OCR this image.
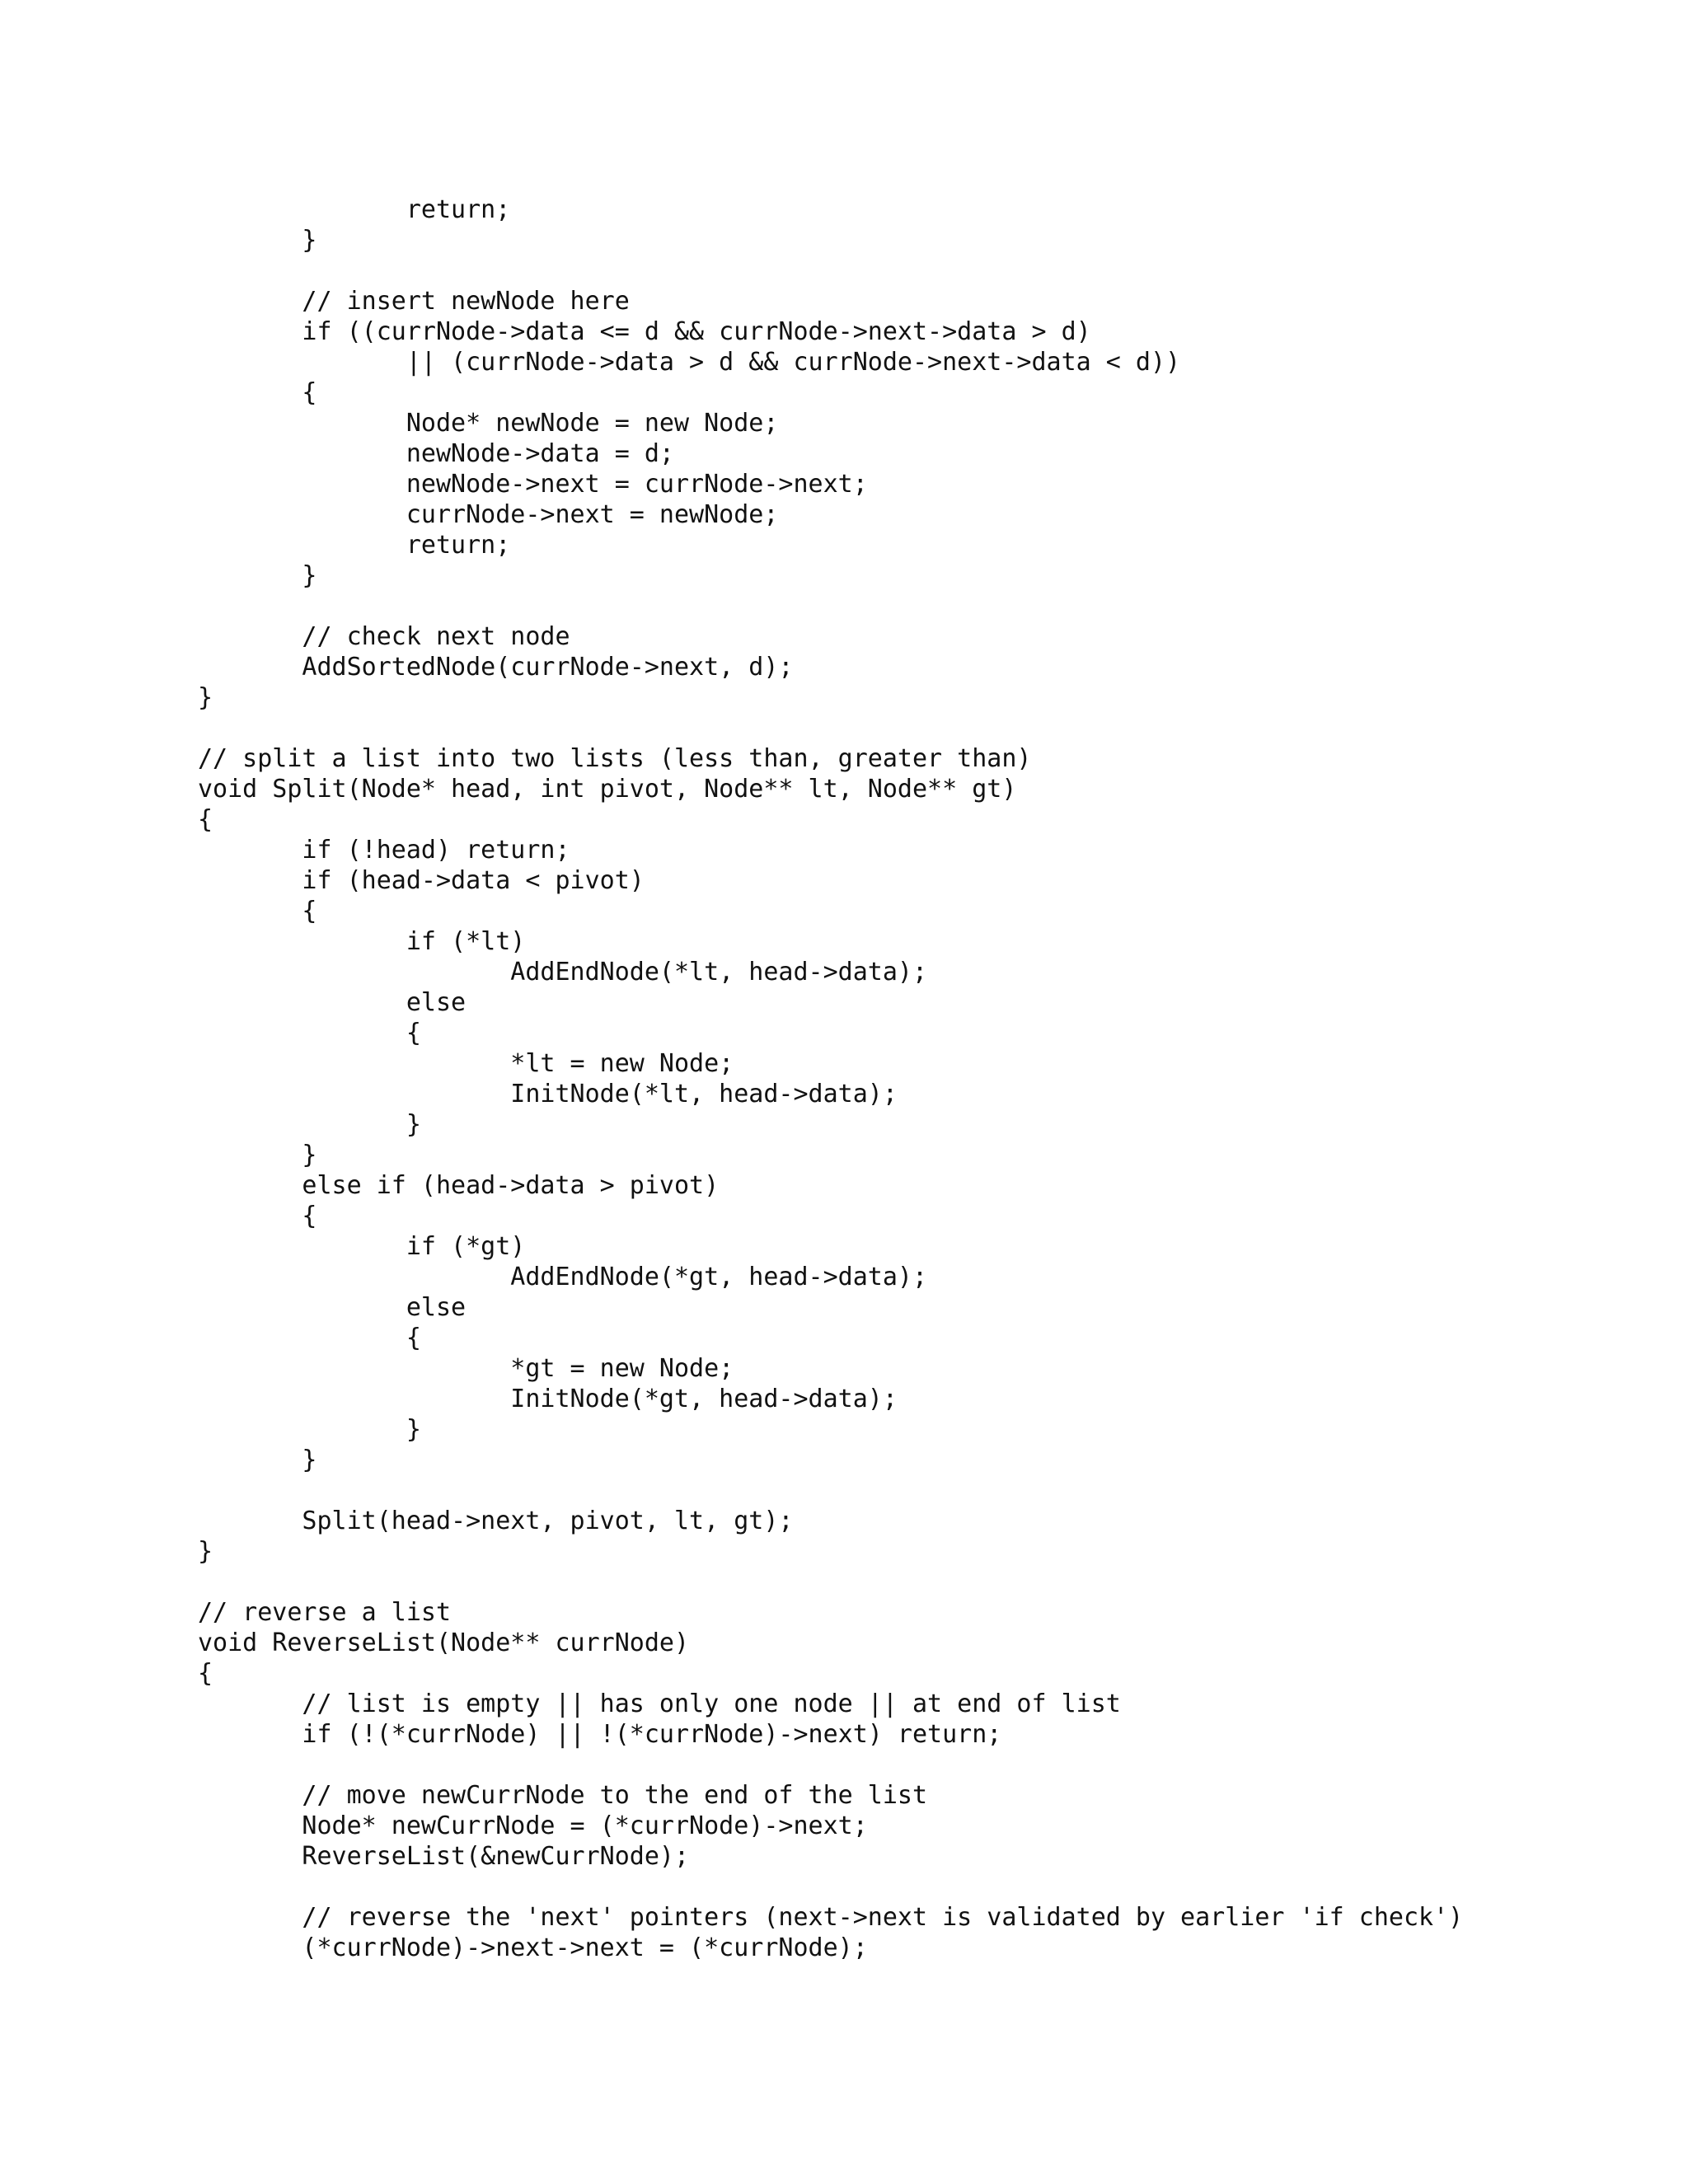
return;
}

// insert newNode here
if ((currNode->data <= d && currNode->next->data > d)
|| (currNode->data > d && currNode->next->data < d))
{
Node* newNode = new Node;
newNode->data = d;
newNode->next = currNode->next;
currNode->next = newNode;
return;
}

// check next node
AddSortedNode(currNode->next, d);
}

// split a list into two lists (less than, greater than)
void Split(Node* head, int pivot, Node** lt, Node** gt)
{
if (!head) return;
if (head->data < pivot)
{
if (*lt)
AddEndNode(*lt, head->data);
else
{
*lt = new Node;
InitNode(*lt, head->data);
}
}
else if (head->data > pivot)
{
if (*gt)
AddEndNode(*gt, head->data);
else
{
*gt = new Node;
InitNode(*gt, head->data);
}
}

Split(head->next, pivot, lt, gt);
}

// reverse a list
void ReverseList(Node** currNode)
{
// list is empty || has only one node || at end of list
if (!(*currNode) || !(*currNode)->next) return;

// move newCurrNode to the end of the list
Node* newCurrNode = (*currNode)->next;
ReverseList(&newCurrNode);

// reverse the 'next' pointers (next->next is validated by earlier 'if check')
(*currNode)->next->next = (*currNode);
